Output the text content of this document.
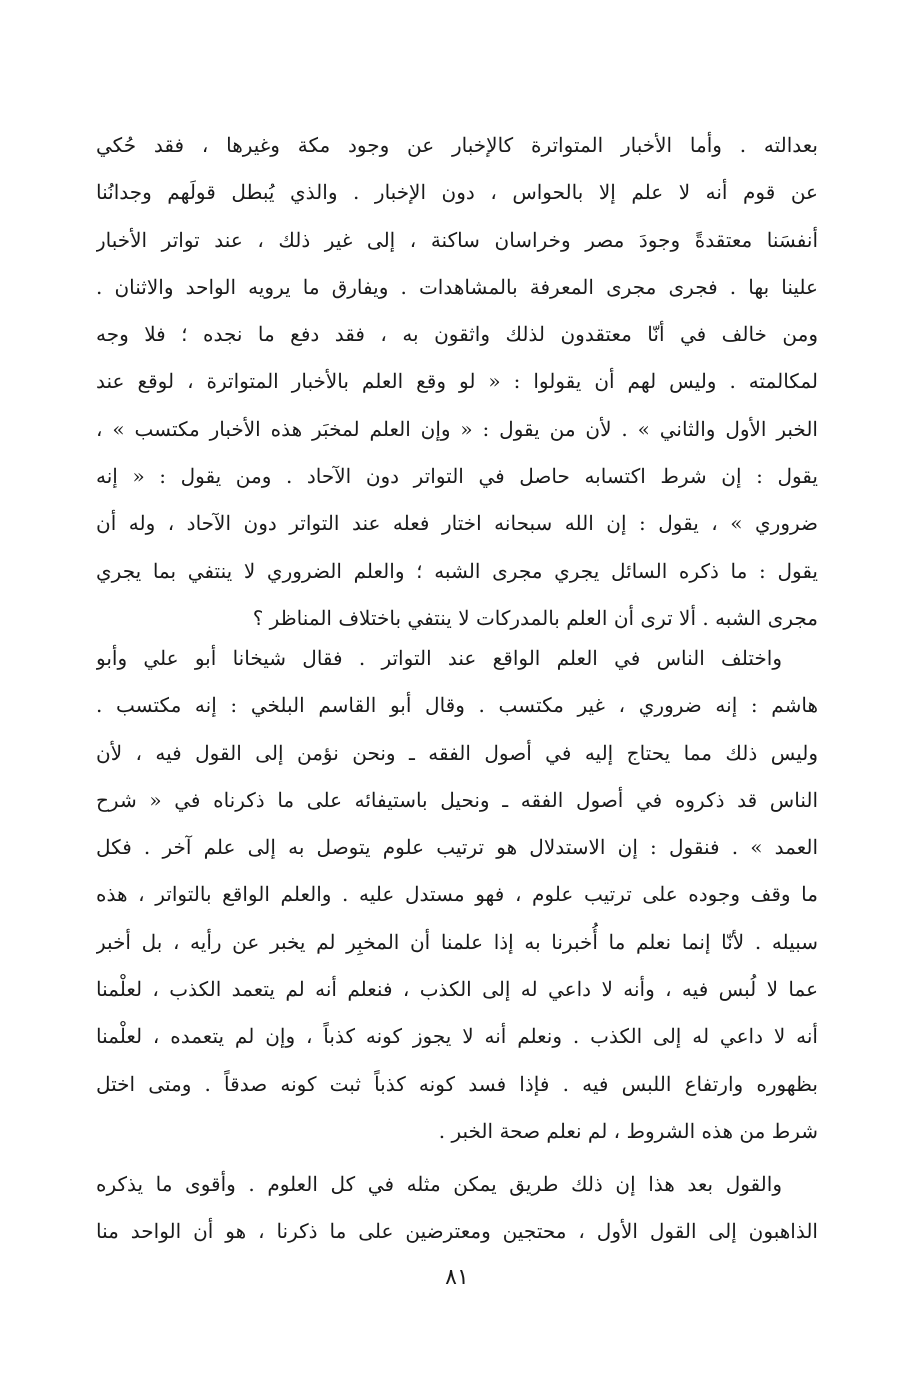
بعدالته . وأما الأخبار المتواترة كالإخبار عن وجود مكة وغيرها ، فقد حُكي
عن قوم أنه لا علم إلا بالحواس ، دون الإخبار . والذي يُبطل قولَهم وجدانُنا
أنفسَنا معتقدةً وجودَ مصر وخراسان ساكنة ، إلى غير ذلك ، عند تواتر الأخبار
علينا بها . فجرى مجرى المعرفة بالمشاهدات . ويفارق ما يرويه الواحد والاثنان .
ومن خالف في أنّا معتقدون لذلك واثقون به ، فقد دفع ما نجده ؛ فلا وجه
لمكالمته . وليس لهم أن يقولوا : « لو وقع العلم بالأخبار المتواترة ، لوقع عند
الخبر الأول والثاني » . لأن من يقول : « وإن العلم لمخبَر هذه الأخبار مكتسب » ،
يقول : إن شرط اكتسابه حاصل في التواتر دون الآحاد . ومن يقول : « إنه
ضروري » ، يقول : إن الله سبحانه اختار فعله عند التواتر دون الآحاد ، وله أن
يقول : ما ذكره السائل يجري مجرى الشبه ؛ والعلم الضروري لا ينتفي بما يجري
مجرى الشبه . ألا ترى أن العلم بالمدركات لا ينتفي باختلاف المناظر ؟
واختلف الناس في العلم الواقع عند التواتر . فقال شيخانا أبو علي وأبو
هاشم : إنه ضروري ، غير مكتسب . وقال أبو القاسم البلخي : إنه مكتسب .
وليس ذلك مما يحتاج إليه في أصول الفقه ـ ونحن نؤمن إلى القول فيه ، لأن
الناس قد ذكروه في أصول الفقه ـ ونحيل باستيفائه على ما ذكرناه في « شرح
العمد » . فنقول : إن الاستدلال هو ترتيب علوم يتوصل به إلى علم آخر . فكل
ما وقف وجوده على ترتيب علوم ، فهو مستدل عليه . والعلم الواقع بالتواتر ، هذه
سبيله . لأنّا إنما نعلم ما أُخبرنا به إذا علمنا أن المخبِر لم يخبر عن رأيه ، بل أخبر
عما لا لُبس فيه ، وأنه لا داعي له إلى الكذب ، فنعلم أنه لم يتعمد الكذب ، لعلْمنا
أنه لا داعي له إلى الكذب . ونعلم أنه لا يجوز كونه كذباً ، وإن لم يتعمده ، لعلْمنا
بظهوره وارتفاع اللبس فيه . فإذا فسد كونه كذباً ثبت كونه صدقاً . ومتى اختل
شرط من هذه الشروط ، لم نعلم صحة الخبر .
والقول بعد هذا إن ذلك طريق يمكن مثله في كل العلوم . وأقوى ما يذكره
الذاهبون إلى القول الأول ، محتجين ومعترضين على ما ذكرنا ، هو أن الواحد منا
٨١
